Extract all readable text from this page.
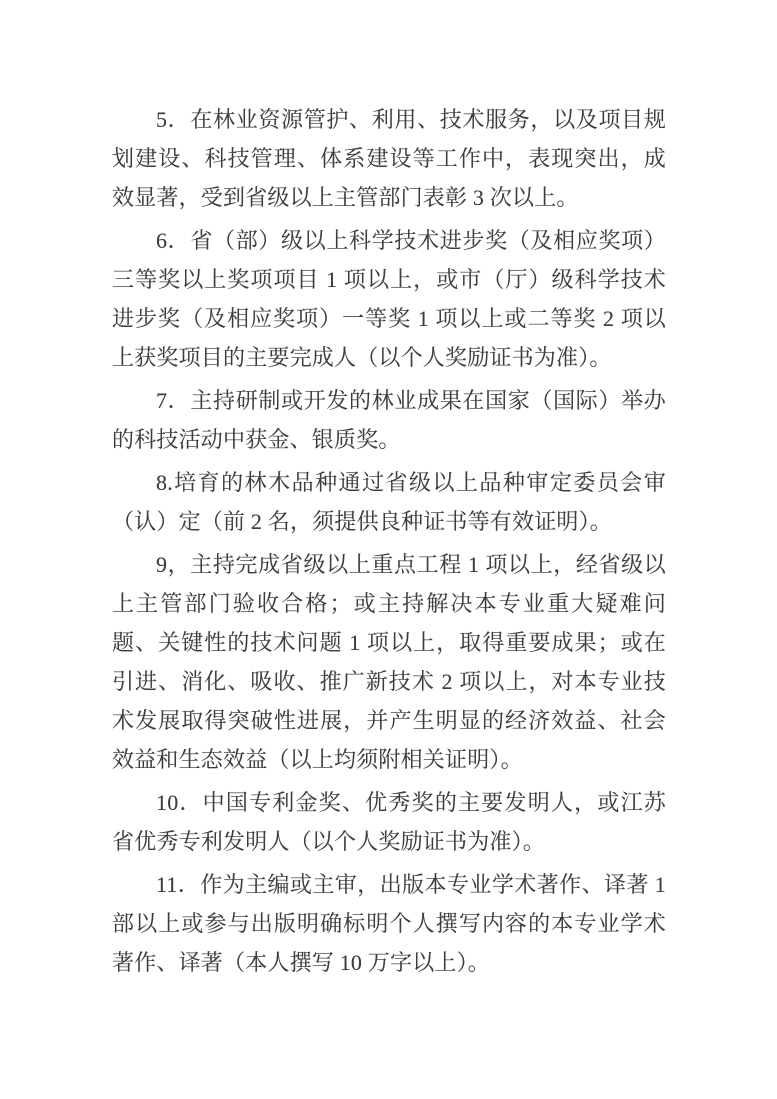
5．在林业资源管护、利用、技术服务，以及项目规划建设、科技管理、体系建设等工作中，表现突出，成效显著，受到省级以上主管部门表彰 3 次以上。

6．省（部）级以上科学技术进步奖（及相应奖项）三等奖以上奖项项目 1 项以上，或市（厅）级科学技术进步奖（及相应奖项）一等奖 1 项以上或二等奖 2 项以上获奖项目的主要完成人（以个人奖励证书为准）。

7．主持研制或开发的林业成果在国家（国际）举办的科技活动中获金、银质奖。

8.培育的林木品种通过省级以上品种审定委员会审（认）定（前 2 名，须提供良种证书等有效证明）。

9，主持完成省级以上重点工程 1 项以上，经省级以上主管部门验收合格；或主持解决本专业重大疑难问题、关键性的技术问题 1 项以上，取得重要成果；或在引进、消化、吸收、推广新技术 2 项以上，对本专业技术发展取得突破性进展，并产生明显的经济效益、社会效益和生态效益（以上均须附相关证明）。

10．中国专利金奖、优秀奖的主要发明人，或江苏省优秀专利发明人（以个人奖励证书为准）。

11．作为主编或主审，出版本专业学术著作、译著 1 部以上或参与出版明确标明个人撰写内容的本专业学术著作、译著（本人撰写 10 万字以上）。
